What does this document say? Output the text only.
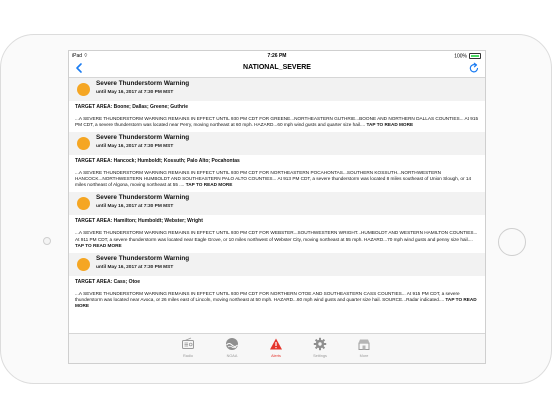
iPad ⌔	7:26 PM	100%
NATIONAL_SEVERE
Severe Thunderstorm Warning
until May 16, 2017 at 7:30 PM MST
TARGET AREA: Boone; Dallas; Greene; Guthrie
...A SEVERE THUNDERSTORM WARNING REMAINS IN EFFECT UNTIL 930 PM CDT FOR GREENE...NORTHEASTERN GUTHRIE...BOONE AND NORTHERN DALLAS COUNTIES... At 915 PM CDT, a severe thunderstorm was located near Perry, moving northeast at 60 mph. HAZARD...60 mph wind gusts and quarter size hail.... TAP TO READ MORE
Severe Thunderstorm Warning
until May 16, 2017 at 7:30 PM MST
TARGET AREA: Hancock; Humboldt; Kossuth; Palo Alto; Pocahontas
...A SEVERE THUNDERSTORM WARNING REMAINS IN EFFECT UNTIL 930 PM CDT FOR NORTHEASTERN POCAHONTAS...SOUTHERN KOSSUTH...NORTHWESTERN HANCOCK...NORTHWESTERN HUMBOLDT AND SOUTHEASTERN PALO ALTO COUNTIES... At 913 PM CDT, a severe thunderstorm was located 8 miles southeast of Union Slough, or 14 miles northeast of Algona, moving northeast at 55 .... TAP TO READ MORE
Severe Thunderstorm Warning
until May 16, 2017 at 7:30 PM MST
TARGET AREA: Hamilton; Humboldt; Webster; Wright
...A SEVERE THUNDERSTORM WARNING REMAINS IN EFFECT UNTIL 930 PM CDT FOR WEBSTER...SOUTHWESTERN WRIGHT...HUMBOLDT AND WESTERN HAMILTON COUNTIES... At 911 PM CDT, a severe thunderstorm was located near Eagle Grove, or 10 miles northwest of Webster City, moving northeast at 55 mph. HAZARD...70 mph wind gusts and penny size hail.... TAP TO READ MORE
Severe Thunderstorm Warning
until May 16, 2017 at 7:30 PM MST
TARGET AREA: Cass; Otoe
...A SEVERE THUNDERSTORM WARNING REMAINS IN EFFECT UNTIL 930 PM CDT FOR NORTHERN OTOE AND SOUTHEASTERN CASS COUNTIES... At 915 PM CDT, a severe thunderstorm was located near Avoca, or 26 miles east of Lincoln, moving northeast at 50 mph. HAZARD...60 mph wind gusts and quarter size hail. SOURCE...Radar indicated.... TAP TO READ MORE
Radio	NOAA	Alerts	Settings	More
